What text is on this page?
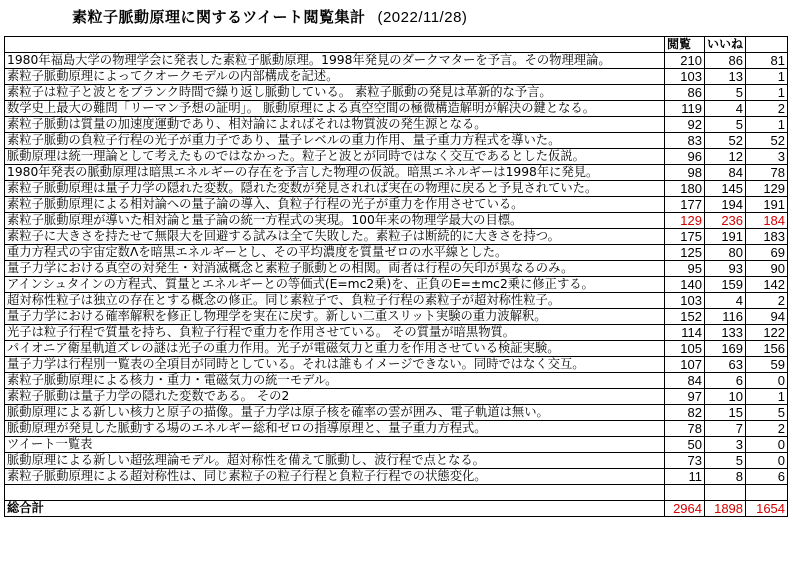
素粒子脈動原理に関するツイート閲覧集計 (2022/11/28)
	閲覧	いいね	
1980年福島大学の物理学会に発表した素粒子脈動原理。1998年発見のダークマターを予言。その物理理論。	210	86	81
素粒子脈動原理によってクオークモデルの内部構成を記述。	103	13	1
素粒子は粒子と波とをブランク時間で繰り返し脈動している。 素粒子脈動の発見は革新的な予言。	86	5	1
数学史上最大の難問「リーマン予想の証明」。 脈動原理による真空空間の極微構造解明が解決の鍵となる。	119	4	2
素粒子脈動は質量の加速度運動であり、相対論によればそれは物質波の発生源となる。	92	5	1
素粒子脈動の負粒子行程の光子が重力子であり、量子レベルの重力作用、量子重力方程式を導いた。	83	52	52
脈動原理は統一理論として考えたものではなかった。粒子と波とが同時ではなく交互であるとした仮説。	96	12	3
1980年発表の脈動原理は暗黒エネルギーの存在を予言した物理の仮説。暗黒エネルギーは1998年に発見。	98	84	78
素粒子脈動原理は量子力学の隠れた変数。隠れた変数が発見されれば実在の物理に戻ると予見されていた。	180	145	129
素粒子脈動原理による相対論への量子論の導入、負粒子行程の光子が重力を作用させている。	177	194	191
素粒子脈動原理が導いた相対論と量子論の統一方程式の実現。100年来の物理学最大の目標。	129	236	184
素粒子に大きさを持たせて無限大を回避する試みは全て失敗した。素粒子は断続的に大きさを持つ。	175	191	183
重力方程式の宇宙定数Λを暗黒エネルギーとし、その平均濃度を質量ゼロの水平線とした。	125	80	69
量子力学における真空の対発生・対消滅概念と素粒子脈動との相関。両者は行程の矢印が異なるのみ。	95	93	90
アインシュタインの方程式、質量とエネルギーとの等価式(E=mc2乗)を、正負のE=±mc2乗に修正する。	140	159	142
超対称性粒子は独立の存在とする概念の修正。同じ素粒子で、負粒子行程の素粒子が超対称性粒子。	103	4	2
量子力学における確率解釈を修正し物理学を実在に戻す。新しい二重スリット実験の重力波解釈。	152	116	94
光子は粒子行程で質量を持ち、負粒子行程で重力を作用させている。 その質量が暗黒物質。	114	133	122
パイオニア衛星軌道ズレの謎は光子の重力作用。光子が電磁気力と重力を作用させている検証実験。	105	169	156
量子力学は行程別一覧表の全項目が同時としている。それは誰もイメージできない。同時ではなく交互。	107	63	59
素粒子脈動原理による核力・重力・電磁気力の統一モデル。	84	6	0
素粒子脈動は量子力学の隠れた変数である。 その2	97	10	1
脈動原理による新しい核力と原子の描像。量子力学は原子核を確率の雲が囲み、電子軌道は無い。	82	15	5
脈動原理が発見した脈動する場のエネルギー総和ゼロの指導原理と、量子重力方程式。	78	7	2
ツイート一覧表	50	3	0
脈動原理による新しい超弦理論モデル。超対称性を備えて脈動し、波行程で点となる。	73	5	0
素粒子脈動原理による超対称性は、同じ素粒子の粒子行程と負粒子行程での状態変化。	11	8	6

総合計	2964	1898	1654
